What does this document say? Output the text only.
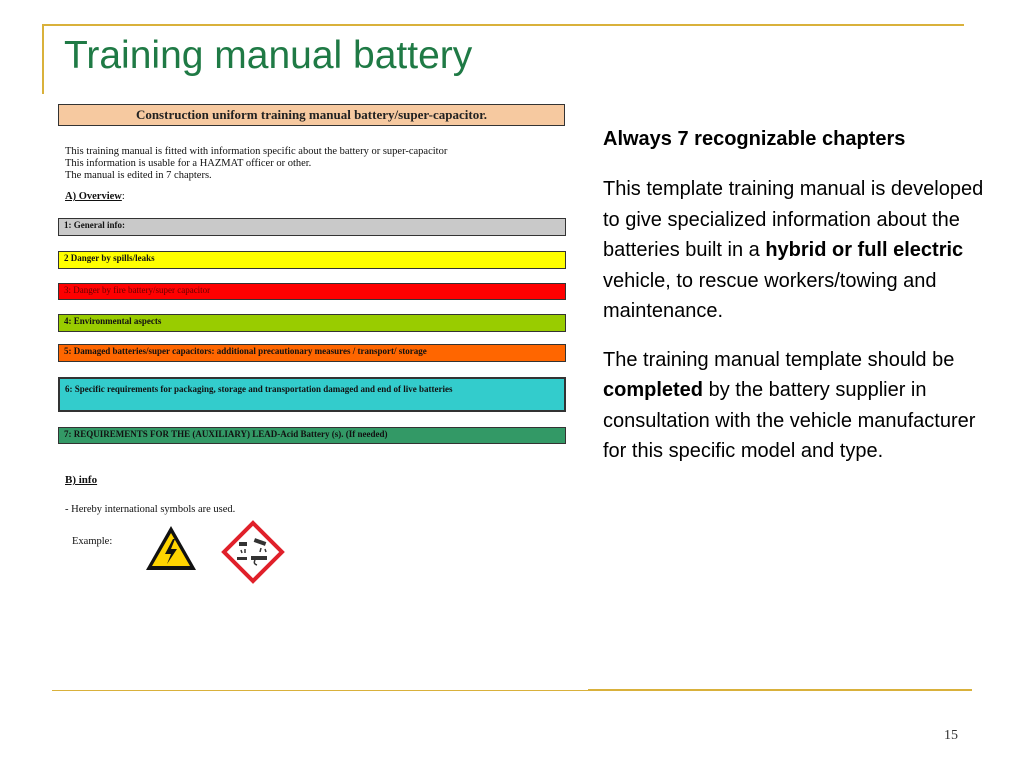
Training manual battery
Construction uniform training manual battery/super-capacitor.
This training manual is fitted with information specific about the battery or super-capacitor
This information is usable for a HAZMAT officer or other.
The manual is edited in 7 chapters.
A) Overview:
1: General info:
2 Danger by spills/leaks
3: Danger by fire battery/super capacitor
4: Environmental aspects
5: Damaged batteries/super capacitors: additional precautionary measures / transport/ storage
6: Specific requirements for packaging, storage and transportation damaged and end of live batteries
7: REQUIREMENTS FOR THE (AUXILIARY) LEAD-Acid Battery (s). (If needed)
B) info
- Hereby international symbols are used.
Example:
Always 7 recognizable chapters

This template training manual is developed to give specialized information about the batteries built in a hybrid or full electric vehicle, to rescue workers/towing and maintenance.

The training manual template should be completed by the battery supplier in consultation with the vehicle manufacturer for this specific model and type.

15
